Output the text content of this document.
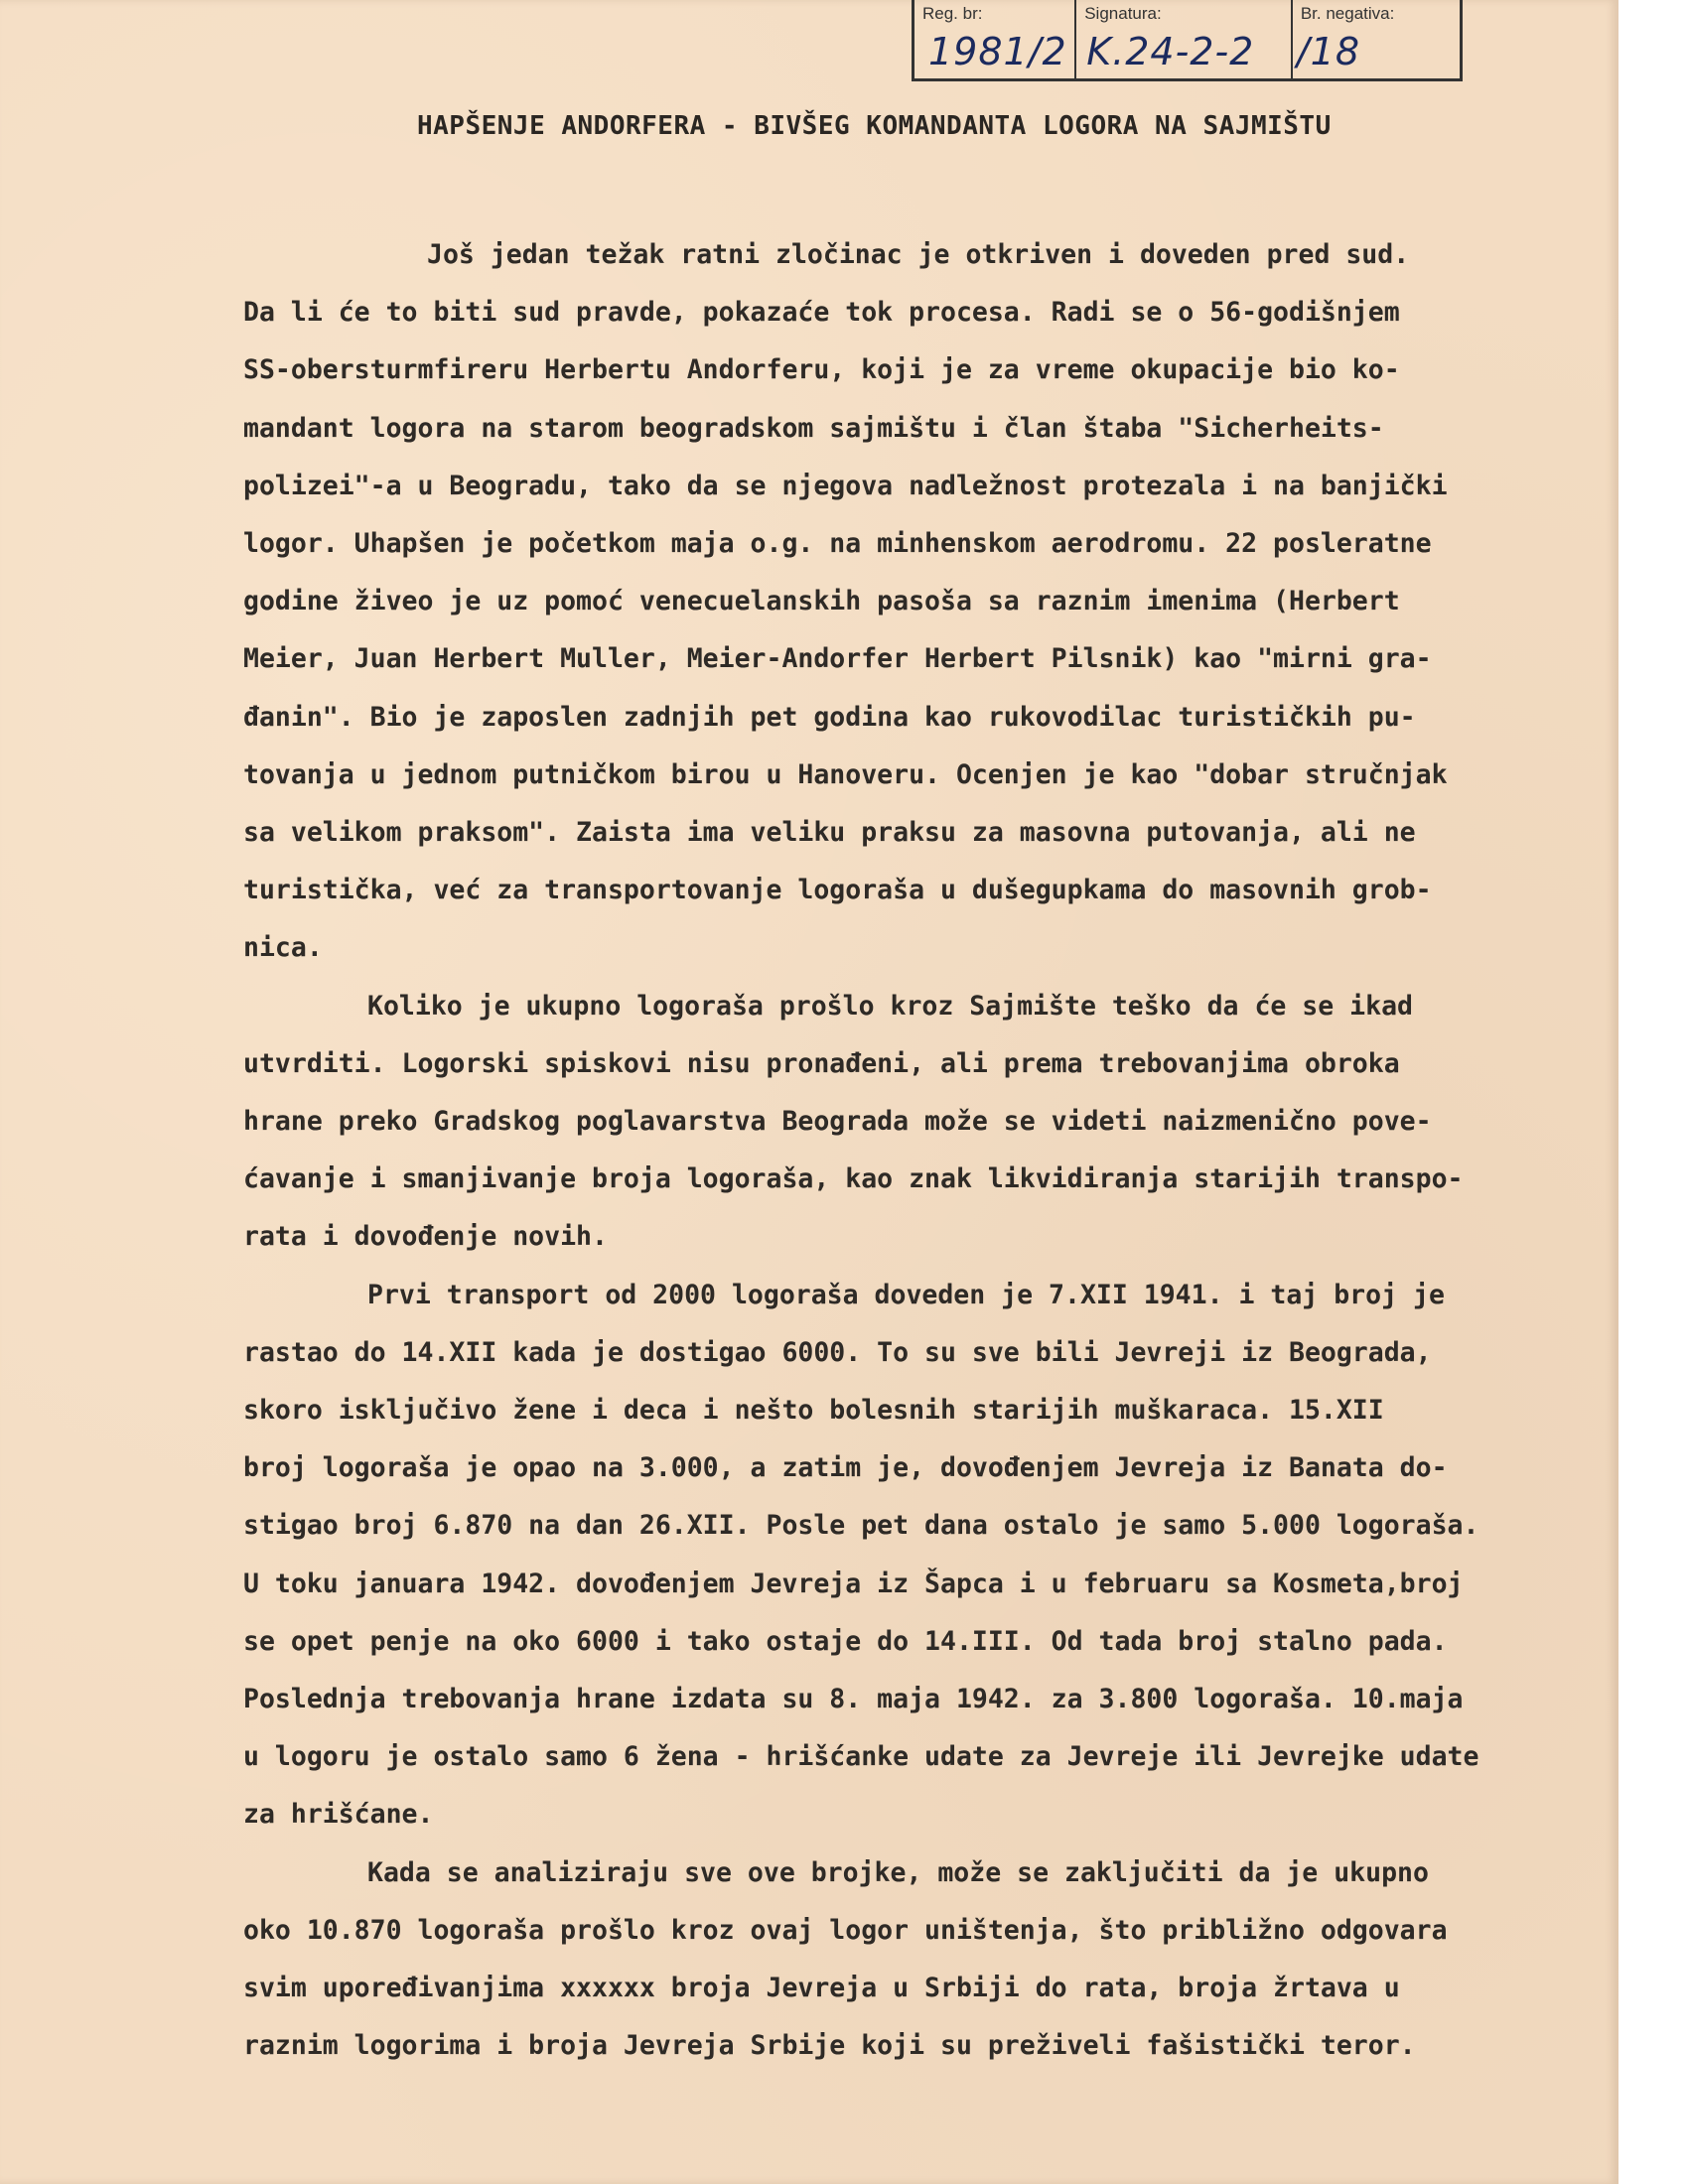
Reg. br:
1981/2
Signatura:
K.24-2-2
Br. negativa:
/18
HAPŠENJE ANDORFERA - BIVŠEG KOMANDANTA LOGORA NA SAJMIŠTU
Još jedan težak ratni zločinac je otkriven i doveden pred sud.
Da li će to biti sud pravde, pokazaće tok procesa. Radi se o 56-godišnjem
SS-obersturmfireru Herbertu Andorferu, koji je za vreme okupacije bio ko-
mandant logora na starom beogradskom sajmištu i član štaba "Sicherheits-
polizei"-a u Beogradu, tako da se njegova nadležnost protezala i na banjički
logor. Uhapšen je početkom maja o.g. na minhenskom aerodromu. 22 posleratne
godine živeo je uz pomoć venecuelanskih pasoša sa raznim imenima (Herbert
Meier, Juan Herbert Muller, Meier-Andorfer Herbert Pilsnik) kao "mirni gra-
đanin". Bio je zaposlen zadnjih pet godina kao rukovodilac turističkih pu-
tovanja u jednom putničkom birou u Hanoveru. Ocenjen je kao "dobar stručnjak
sa velikom praksom". Zaista ima veliku praksu za masovna putovanja, ali ne
turistička, već za transportovanje logoraša u dušegupkama do masovnih grob-
nica.
Koliko je ukupno logoraša prošlo kroz Sajmište teško da će se ikad
utvrditi. Logorski spiskovi nisu pronađeni, ali prema trebovanjima obroka
hrane preko Gradskog poglavarstva Beograda može se videti naizmenično pove-
ćavanje i smanjivanje broja logoraša, kao znak likvidiranja starijih transpo-
rata i dovođenje novih.
Prvi transport od 2000 logoraša doveden je 7.XII 1941. i taj broj je
rastao do 14.XII kada je dostigao 6000. To su sve bili Jevreji iz Beograda,
skoro isključivo žene i deca i nešto bolesnih starijih muškaraca. 15.XII
broj logoraša je opao na 3.000, a zatim je, dovođenjem Jevreja iz Banata do-
stigao broj 6.870 na dan 26.XII. Posle pet dana ostalo je samo 5.000 logoraša.
U toku januara 1942. dovođenjem Jevreja iz Šapca i u februaru sa Kosmeta,broj
se opet penje na oko 6000 i tako ostaje do 14.III. Od tada broj stalno pada.
Poslednja trebovanja hrane izdata su 8. maja 1942. za 3.800 logoraša. 10.maja
u logoru je ostalo samo 6 žena - hrišćanke udate za Jevreje ili Jevrejke udate
za hrišćane.
Kada se analiziraju sve ove brojke, može se zaključiti da je ukupno
oko 10.870 logoraša prošlo kroz ovaj logor uništenja, što približno odgovara
svim upoređivanjima xxxxxx broja Jevreja u Srbiji do rata, broja žrtava u
raznim logorima i broja Jevreja Srbije koji su preživeli fašistički teror.
